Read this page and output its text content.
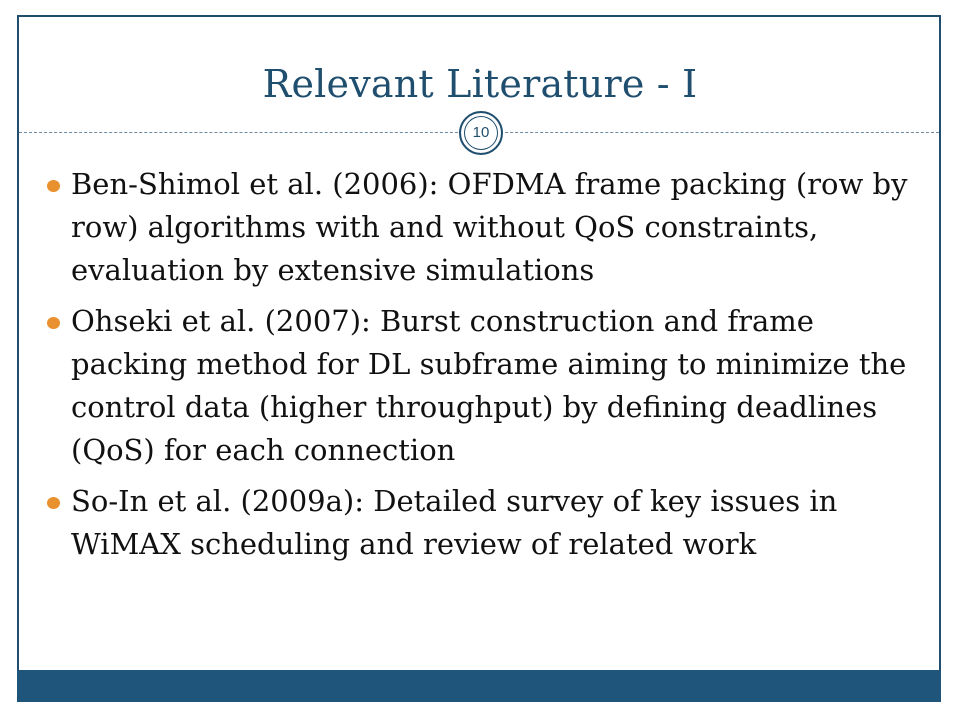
Relevant Literature - I
10
Ben-Shimol et al. (2006): OFDMA frame packing (row by row) algorithms with and without QoS constraints, evaluation by extensive simulations
Ohseki et al. (2007): Burst construction and frame packing method for DL subframe aiming to minimize the control data (higher throughput) by defining deadlines (QoS) for each connection
So-In et al. (2009a): Detailed survey of key issues in WiMAX scheduling and review of related work
